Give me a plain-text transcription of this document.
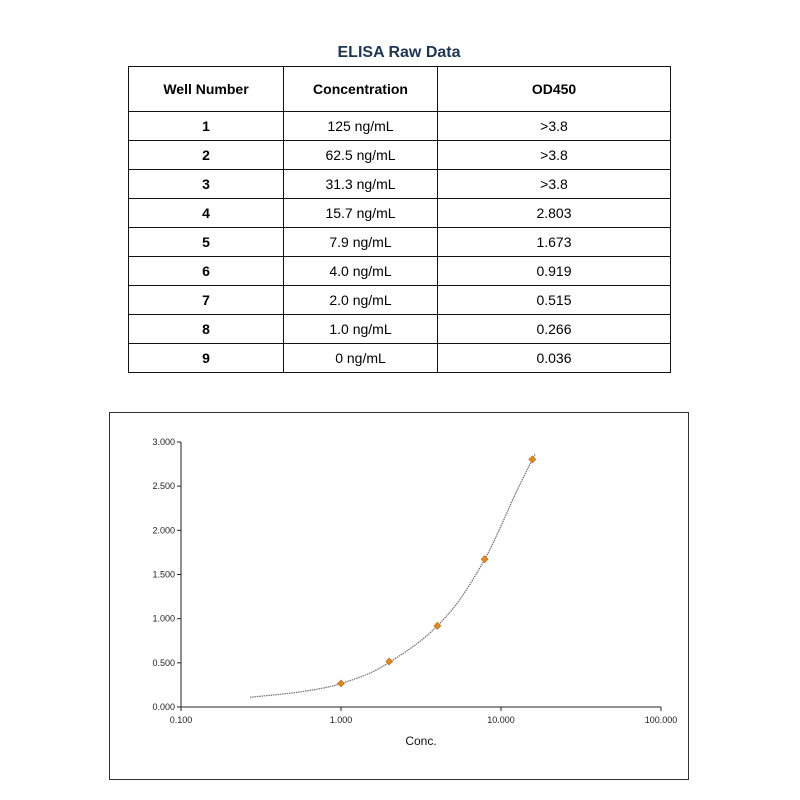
ELISA Raw Data
Well Number	Concentration	OD450
1	125 ng/mL	>3.8
2	62.5 ng/mL	>3.8
3	31.3 ng/mL	>3.8
4	15.7 ng/mL	2.803
5	7.9 ng/mL	1.673
6	4.0 ng/mL	0.919
7	2.0 ng/mL	0.515
8	1.0 ng/mL	0.266
9	0 ng/mL	0.036
0.000
0.500
1.000
1.500
2.000
2.500
3.000
0.100	1.000	10.000	100.000
Conc.
